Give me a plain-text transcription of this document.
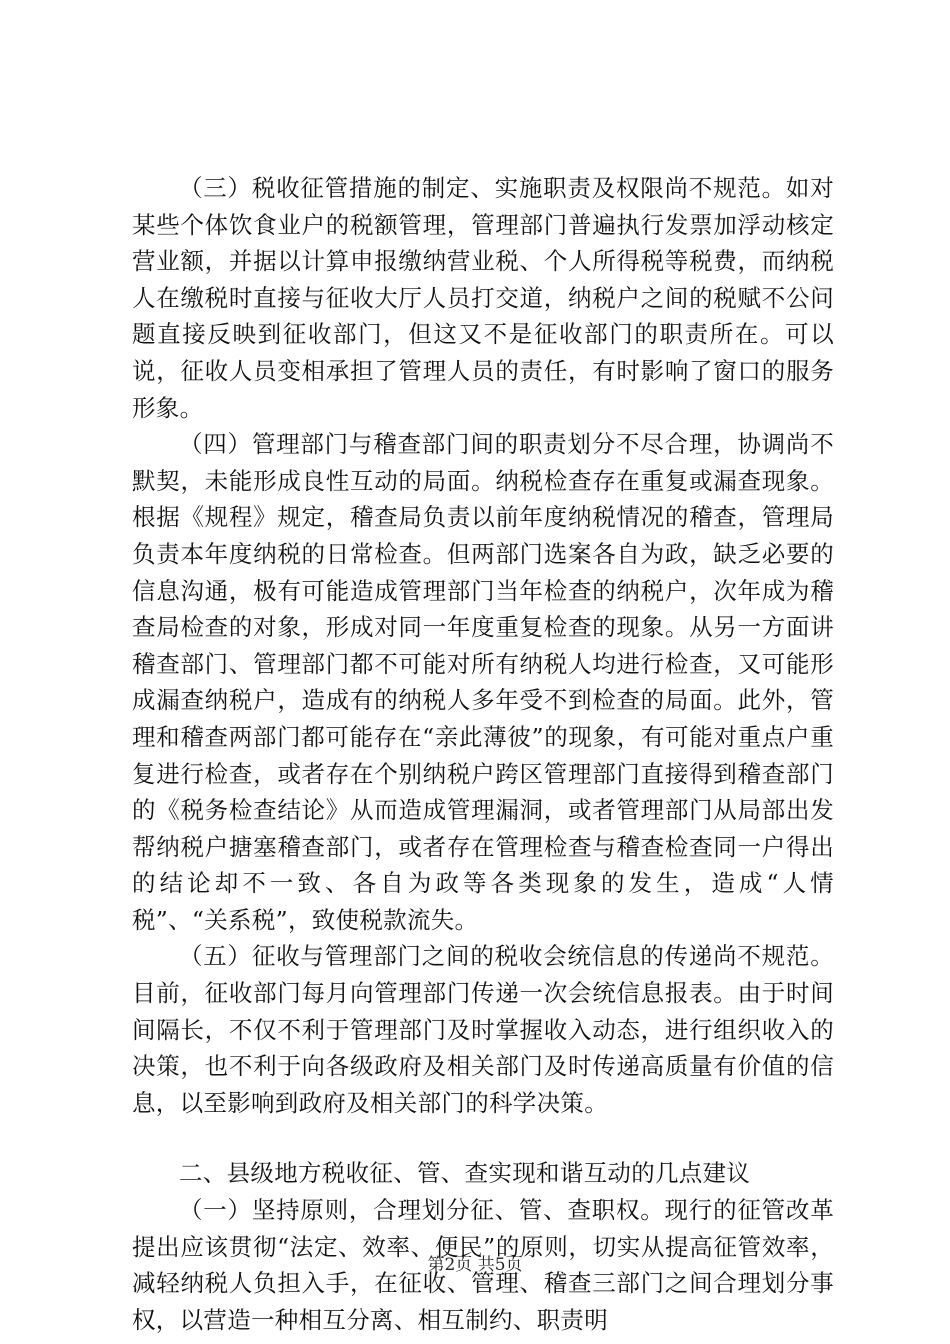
（三）税收征管措施的制定、实施职责及权限尚不规范。如对某些个体饮食业户的税额管理，管理部门普遍执行发票加浮动核定营业额，并据以计算申报缴纳营业税、个人所得税等税费，而纳税人在缴税时直接与征收大厅人员打交道，纳税户之间的税赋不公问题直接反映到征收部门，但这又不是征收部门的职责所在。可以说，征收人员变相承担了管理人员的责任，有时影响了窗口的服务形象。

（四）管理部门与稽查部门间的职责划分不尽合理，协调尚不默契，未能形成良性互动的局面。纳税检查存在重复或漏查现象。根据《规程》规定，稽查局负责以前年度纳税情况的稽查，管理局负责本年度纳税的日常检查。但两部门选案各自为政，缺乏必要的信息沟通，极有可能造成管理部门当年检查的纳税户，次年成为稽查局检查的对象，形成对同一年度重复检查的现象。从另一方面讲稽查部门、管理部门都不可能对所有纳税人均进行检查，又可能形成漏查纳税户，造成有的纳税人多年受不到检查的局面。此外，管理和稽查两部门都可能存在“亲此薄彼”的现象，有可能对重点户重复进行检查，或者存在个别纳税户跨区管理部门直接得到稽查部门的《税务检查结论》从而造成管理漏洞，或者管理部门从局部出发帮纳税户搪塞稽查部门，或者存在管理检查与稽查检查同一户得出的结论却不一致、各自为政等各类现象的发生，造成“人情税”、“关系税”，致使税款流失。

（五）征收与管理部门之间的税收会统信息的传递尚不规范。目前，征收部门每月向管理部门传递一次会统信息报表。由于时间间隔长，不仅不利于管理部门及时掌握收入动态，进行组织收入的决策，也不利于向各级政府及相关部门及时传递高质量有价值的信息，以至影响到政府及相关部门的科学决策。

二、县级地方税收征、管、查实现和谐互动的几点建议

（一）坚持原则，合理划分征、管、查职权。现行的征管改革提出应该贯彻“法定、效率、便民”的原则，切实从提高征管效率，减轻纳税人负担入手，在征收、管理、稽查三部门之间合理划分事权，以营造一种相互分离、相互制约、职责明

第2页 共5页
